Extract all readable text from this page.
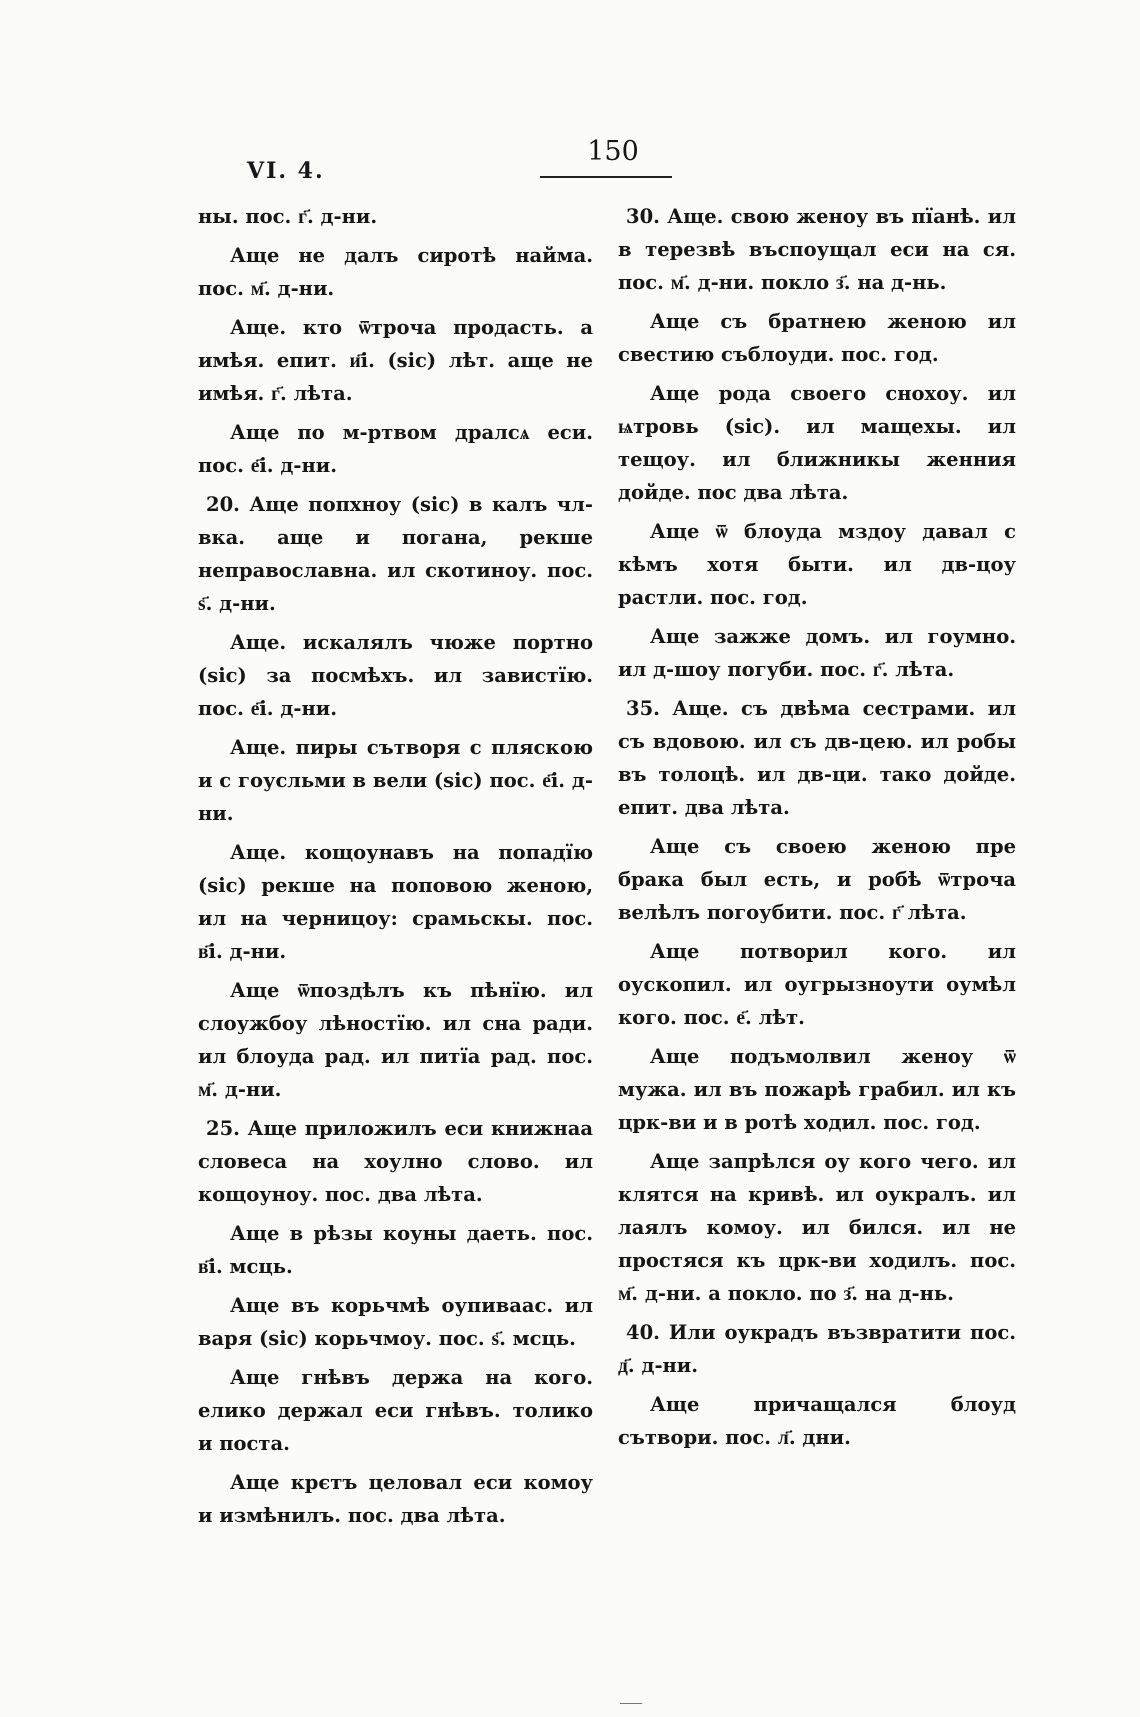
VI. 4.
150

ны. пос. г҃. д-ни.

Аще не далъ сиротѣ найма. пос. м҃. д-ни.

Аще. кто ѿтроча продасть. а имѣя. епит. и҃і. (sic) лѣт. аще не имѣя. г҃. лѣта.

Аще по м-ртвом дралсѧ еси. пос. е҃і. д-ни.

20. Аще попхноу (sic) в калъ чл-вка. аще и погана, рекше неправославна. ил скотиноу. пос. ѕ҃. д-ни.

Аще. искалялъ чюже портно (sic) за посмѣхъ. ил завистїю. пос. е҃і. д-ни.

Аще. пиры сътворя с плясκοю и с гоусльми в вели (sic) пос. е҃і. д-ни.

Аще. кощоунавъ на попадїю (sic) рекше на поповою женою, ил на черницоу: срамьскы. пос. в҃і. д-ни.

Аще ѿпоздѣлъ къ пѣнїю. ил слоужбоу лѣностїю. ил сна ради. ил блоуда рад. ил питїа рад. пос. м҃. д-ни.

25. Аще приложилъ еси книжнаа словеса на хоулно слово. ил кощоуноу. пос. два лѣта.

Аще в рѣзы коуны даеть. пос. в҃і. мсць.

Аще въ корьчмѣ оупиваас. ил варя (sic) корьчмоу. пос. ѕ҃. мсць.

Аще гнѣвъ держа на кого. елико держал еси гнѣвъ. толико и поста.

Аще крєтъ целовал еси комоу и измѣнилъ. пос. два лѣта.

30. Аще. свою женоу въ пїанѣ. ил в терезвѣ въспоущал еси на ся. пос. м҃. д-ни. покло з҃. на д-нь.

Аще съ братнею женою ил свестию съблоуди. пос. год.

Аще рода своего снохоу. ил ѩтровь (sic). ил мащехы. ил тещоу. ил ближникы женния дойде. пос два лѣта.

Аще ѿ блоуда мздоу давал с кѣмъ хотя быти. ил дв-цоу растли. пос. год.

Аще зажже домъ. ил гоумно. ил д-шоу погуби. пос. г҃. лѣта.

35. Аще. съ двѣма сестрами. ил съ вдовою. ил съ дв-цею. ил робы въ толоцѣ. ил дв-ци. тако дойде. епит. два лѣта.

Аще съ своею женою пре брака был есть, и робѣ ѿтроча велѣлъ погоубити. пос. г҃ лѣта.

Аще потворил кого. ил оускопил. ил оугрызноути оумѣл кого. пос. е҃. лѣт.

Аще подъмолвил женоу ѿ мужа. ил въ пожарѣ грабил. ил къ црк-ви и в ротѣ ходил. пос. год.

Аще запрѣлся оу кого чего. ил клятся на кривѣ. ил оукралъ. ил лаялъ комоу. ил бился. ил не простяся къ црк-ви ходилъ. пос. м҃. д-ни. а покло. по з҃. на д-нь.

40. Или оукрадъ възвратити пос. д҃. д-ни.

Аще причащался блоуд сътвори. пос. л҃. дни.
